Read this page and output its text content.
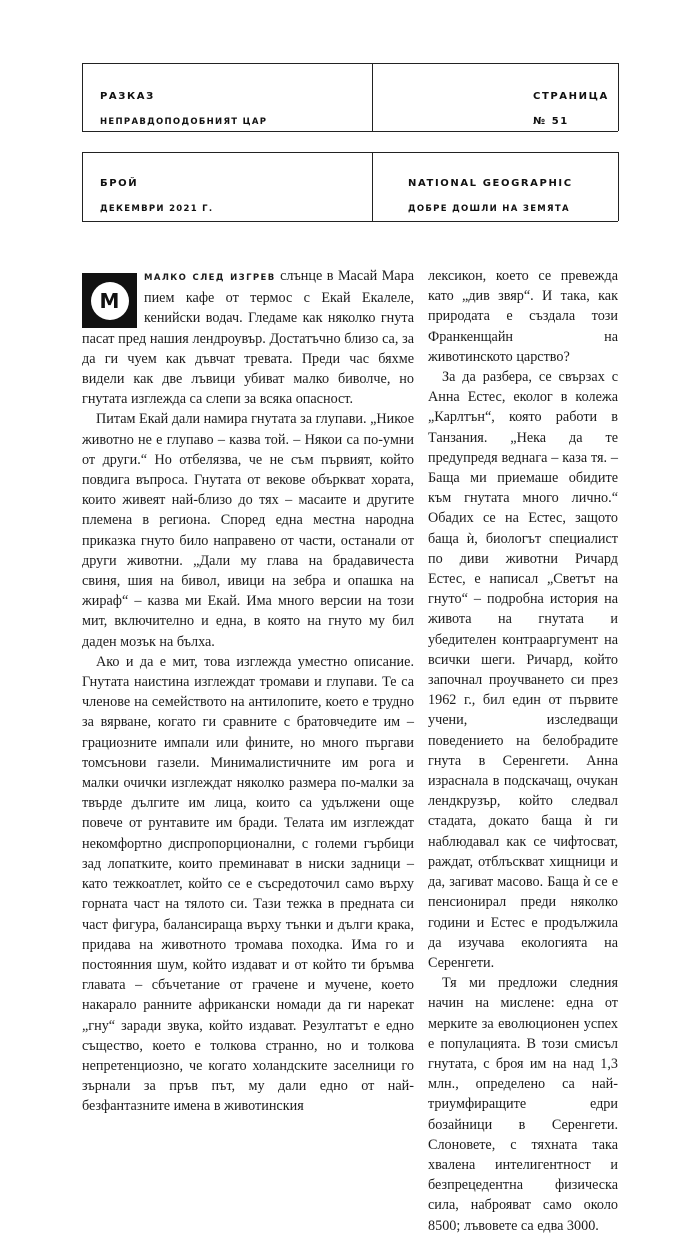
РАЗКАЗ
НЕПРАВДОПОДОБНИЯТ ЦАР
СТРАНИЦА
№ 51
БРОЙ
ДЕКЕМВРИ 2021 Г.
NATIONAL GEOGRAPHIC
ДОБРЕ ДОШЛИ НА ЗЕМЯТА
М

МАЛКО СЛЕД ИЗГРЕВ слънце в Масай Мара пием кафе от термос с Екай Екалеле, кенийски водач. Гледаме как няколко гнута пасат пред нашия лендроувър. Достатъчно близо са, за да ги чуем как дъвчат тревата. Преди час бяхме видели как две лъвици убиват малко биволче, но гнутата изглежда са слепи за всяка опасност.

Питам Екай дали намира гнутата за глупави. „Никое животно не е глупаво – казва той. – Някои са по-умни от други.“ Но отбелязва, че не съм първият, който повдига въпроса. Гнутата от векове объркват хората, които живеят най-близо до тях – масаите и другите племена в региона. Според една местна народна приказка гнуто било направено от части, останали от други животни. „Дали му глава на брадавичеста свиня, шия на бивол, ивици на зебра и опашка на жираф“ – казва ми Екай. Има много версии на този мит, включително и една, в която на гнуто му бил даден мозък на бълха.

Ако и да е мит, това изглежда уместно описание. Гнутата наистина изглеждат тромави и глупави. Те са членове на семейството на антилопите, което е трудно за вярване, когато ги сравните с братовчедите им – грациозните импали или фините, но много пъргави томсънови газели. Минималистичните им рога и малки очички изглеждат няколко размера по-малки за твърде дългите им лица, които са удължени още повече от рунтавите им бради. Телата им изглеждат некомфортно диспропорционални, с големи гърбици зад лопатките, които преминават в ниски задници – като тежкоатлет, който се е съсредоточил само върху горната част на тялото си. Тази тежка в предната си част фигура, балансираща върху тънки и дълги крака, придава на животното тромава походка. Има го и постоянния шум, който издават и от който ти бръмва главата – сбъчетание от грачене и мучене, което накарало ранните африкански номади да ги нарекат „гну“ заради звука, който издават. Резултатът е едно същество, което е толкова странно, но и толкова непретенциозно, че когато холандските заселници го зърнали за пръв път, му дали едно от най-безфантазните имена в животинския

лексикон, което се превежда като „див звяр“. И така, как природата е създала този Франкенщайн на животинското царство?

За да разбера, се свързах с Анна Естес, еколог в колежа „Карлтън“, която работи в Танзания. „Нека да те предупредя веднага – каза тя. – Баща ми приемаше обидите към гнутата много лично.“ Обадих се на Естес, защото баща ѝ, биологът специалист по диви животни Ричард Естес, е написал „Светът на гнуто“ – подробна история на живота на гнутата и убедителен контрааргумент на всички шеги. Ричард, който започнал проучването си през 1962 г., бил един от първите учени, изследващи поведението на белобрадите гнута в Серенгети. Анна израснала в подскачащ, очукан лендкрузър, който следвал стадата, докато баща ѝ ги наблюдавал как се чифтосват, раждат, отблъскват хищници и да, загиват масово. Баща ѝ се е пенсионирал преди няколко години и Естес е продължила да изучава екологията на Серенгети.

Тя ми предложи следния начин на мислене: една от мерките за еволюционен успех е популацията. В този смисъл гнутата, с броя им на над 1,3 млн., определено са най-триумфиращите едри бозайници в Серенгети. Слоновете, с тяхната така хвалена интелигентност и безпрецедентна физическа сила, наброяват само около 8500; лъвовете са едва 3000.
